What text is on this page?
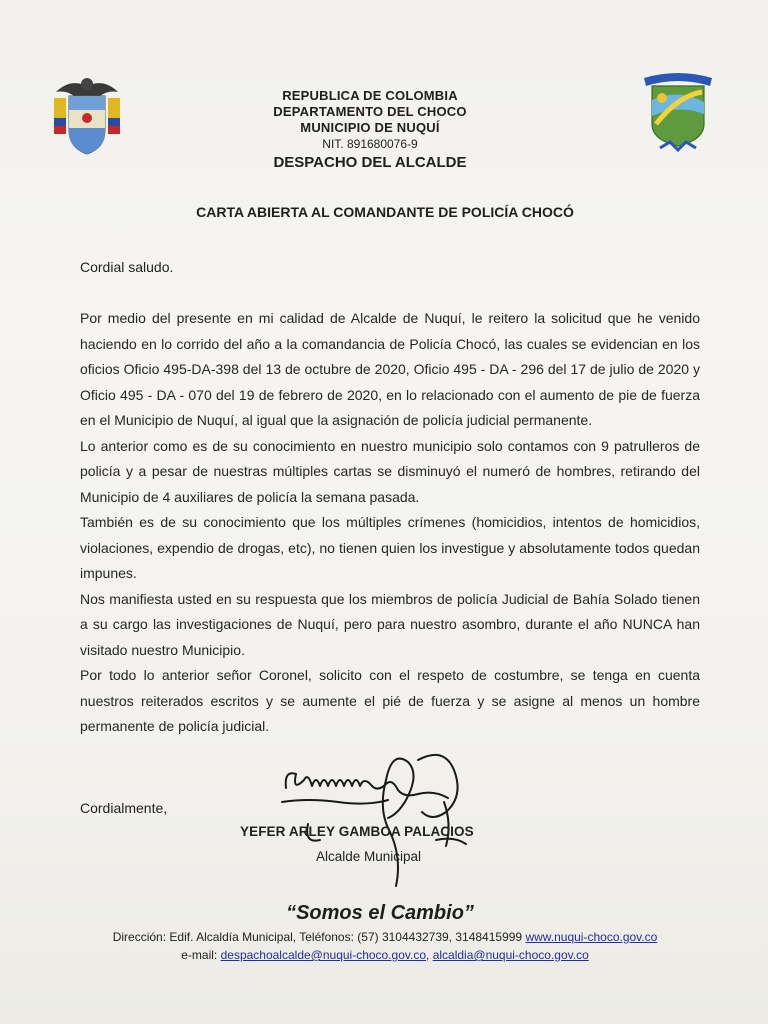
REPUBLICA DE COLOMBIA
DEPARTAMENTO DEL CHOCO
MUNICIPIO DE NUQUÍ
NIT. 891680076-9
DESPACHO DEL ALCALDE
CARTA ABIERTA AL COMANDANTE DE POLICÍA CHOCÓ
Cordial saludo.

Por medio del presente en mi calidad de Alcalde de Nuquí, le reitero la solicitud que he venido haciendo en lo corrido del año a la comandancia de Policía Chocó, las cuales se evidencian en los oficios Oficio 495-DA-398 del 13 de octubre de 2020, Oficio 495 - DA - 296 del 17 de julio de 2020 y Oficio 495 - DA - 070 del 19 de febrero de 2020, en lo relacionado con el aumento de pie de fuerza en el Municipio de Nuquí, al igual que la asignación de policía judicial permanente.

Lo anterior como es de su conocimiento en nuestro municipio solo contamos con 9 patrulleros de policía y a pesar de nuestras múltiples cartas se disminuyó el numeró de hombres, retirando del Municipio de 4 auxiliares de policía la semana pasada.

También es de su conocimiento que los múltiples crímenes (homicidios, intentos de homicidios, violaciones, expendio de drogas, etc), no tienen quien los investigue y absolutamente todos quedan impunes.

Nos manifiesta usted en su respuesta que los miembros de policía Judicial de Bahía Solado tienen a su cargo las investigaciones de Nuquí, pero para nuestro asombro, durante el año NUNCA han visitado nuestro Municipio.

Por todo lo anterior señor Coronel, solicito con el respeto de costumbre, se tenga en cuenta nuestros reiterados escritos y se aumente el pié de fuerza y se asigne al menos un hombre permanente de policía judicial.

Cordialmente,
YEFER ARLEY GAMBOA PALACIOS
Alcalde Municipal
“Somos el Cambio”
Dirección: Edif. Alcaldía Municipal, Teléfonos: (57) 3104432739, 3148415999 www.nuqui-choco.gov.co
e-mail: despachoalcalde@nuqui-choco.gov.co, alcaldia@nuqui-choco.gov.co
